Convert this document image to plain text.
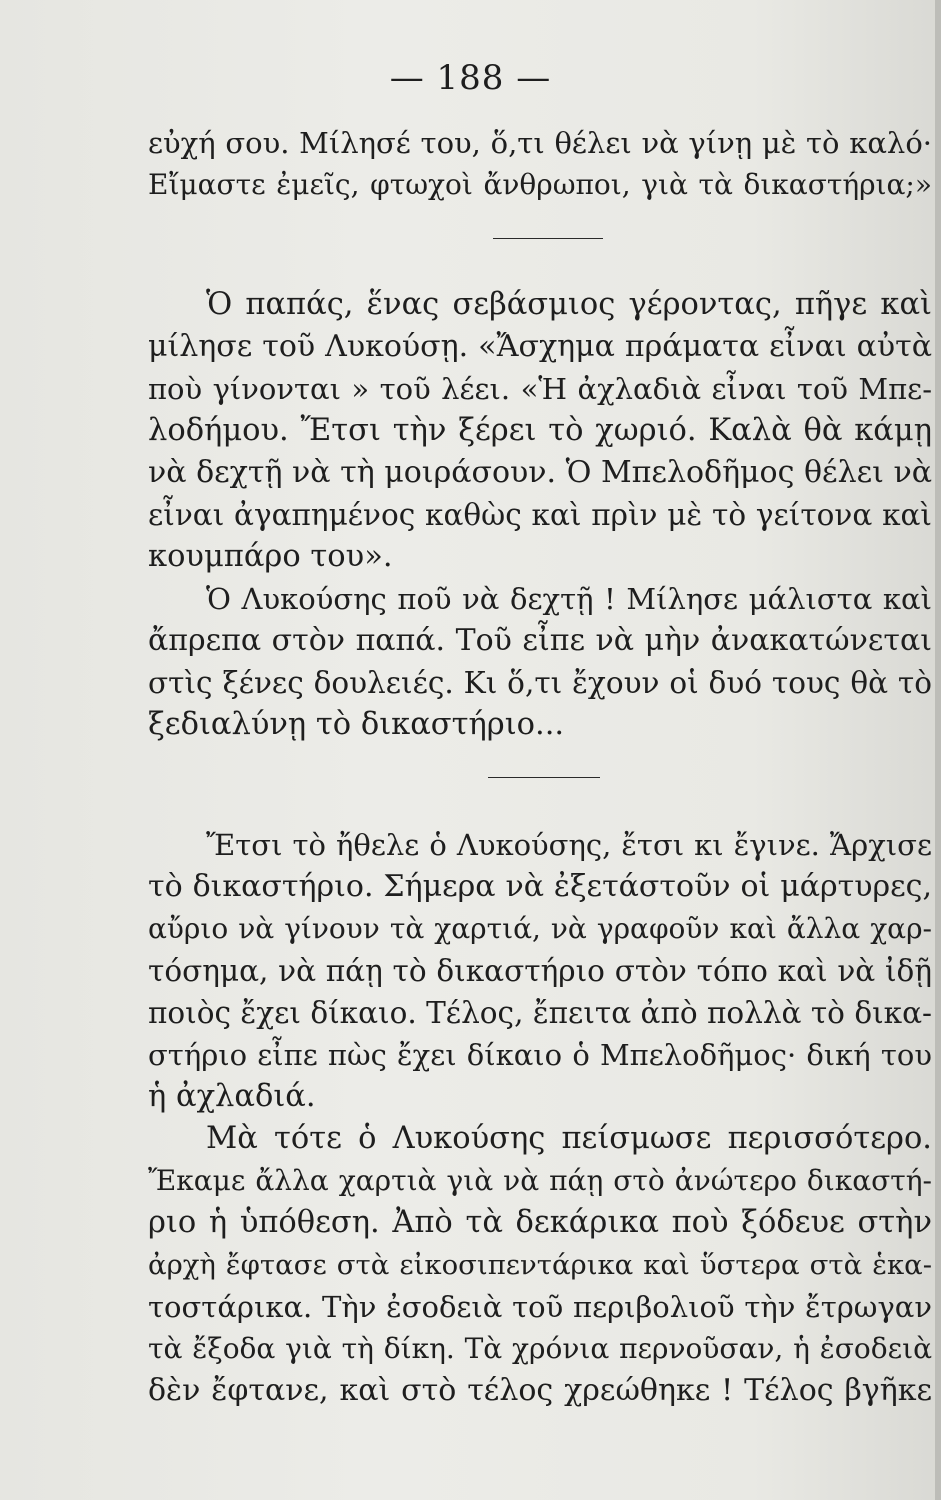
— 188 —
εὐχή σου. Μίλησέ του, ὅ,τι θέλει νὰ γίνῃ μὲ τὸ καλό·
Εἴμαστε ἐμεῖς, φτωχοὶ ἄνθρωποι, γιὰ τὰ δικαστήρια;»
Ὁ παπάς, ἕνας σεβάσμιος γέροντας, πῆγε καὶ
μίλησε τοῦ Λυκούσῃ. «Ἄσχημα πράματα εἶναι αὐτὰ
ποὺ γίνονται » τοῦ λέει. «Ἡ ἀχλαδιὰ εἶναι τοῦ Μπε-
λοδήμου. Ἔτσι τὴν ξέρει τὸ χωριό. Καλὰ θὰ κάμῃ
νὰ δεχτῇ νὰ τὴ μοιράσουν. Ὁ Μπελοδῆμος θέλει νὰ
εἶναι ἀγαπημένος καθὼς καὶ πρὶν μὲ τὸ γείτονα καὶ
κουμπάρο του».
Ὁ Λυκούσης ποῦ νὰ δεχτῇ ! Μίλησε μάλιστα καὶ
ἄπρεπα στὸν παπά. Τοῦ εἶπε νὰ μὴν ἀνακατώνεται
στὶς ξένες δουλειές. Κι ὅ,τι ἔχουν οἱ δυό τους θὰ τὸ
ξεδιαλύνῃ τὸ δικαστήριο...
Ἔτσι τὸ ἤθελε ὁ Λυκούσης, ἔτσι κι ἔγινε. Ἄρχισε
τὸ δικαστήριο. Σήμερα νὰ ἐξετάστοῦν οἱ μάρτυρες,
αὔριο νὰ γίνουν τὰ χαρτιά, νὰ γραφοῦν καὶ ἄλλα χαρ-
τόσημα, νὰ πάῃ τὸ δικαστήριο στὸν τόπο καὶ νὰ ἰδῇ
ποιὸς ἔχει δίκαιο. Τέλος, ἔπειτα ἀπὸ πολλὰ τὸ δικα-
στήριο εἶπε πὼς ἔχει δίκαιο ὁ Μπελοδῆμος· δική του
ἡ ἀχλαδιά.
Μὰ τότε ὁ Λυκούσης πείσμωσε περισσότερο.
Ἔκαμε ἄλλα χαρτιὰ γιὰ νὰ πάῃ στὸ ἀνώτερο δικαστή-
ριο ἡ ὑπόθεση. Ἀπὸ τὰ δεκάρικα ποὺ ξόδευε στὴν
ἀρχὴ ἔφτασε στὰ εἰκοσιπεντάρικα καὶ ὕστερα στὰ ἑκα-
τοστάρικα. Τὴν ἐσοδειὰ τοῦ περιβολιοῦ τὴν ἔτρωγαν
τὰ ἔξοδα γιὰ τὴ δίκη. Τὰ χρόνια περνοῦσαν, ἡ ἐσοδειὰ
δὲν ἔφτανε, καὶ στὸ τέλος χρεώθηκε ! Τέλος βγῆκε
